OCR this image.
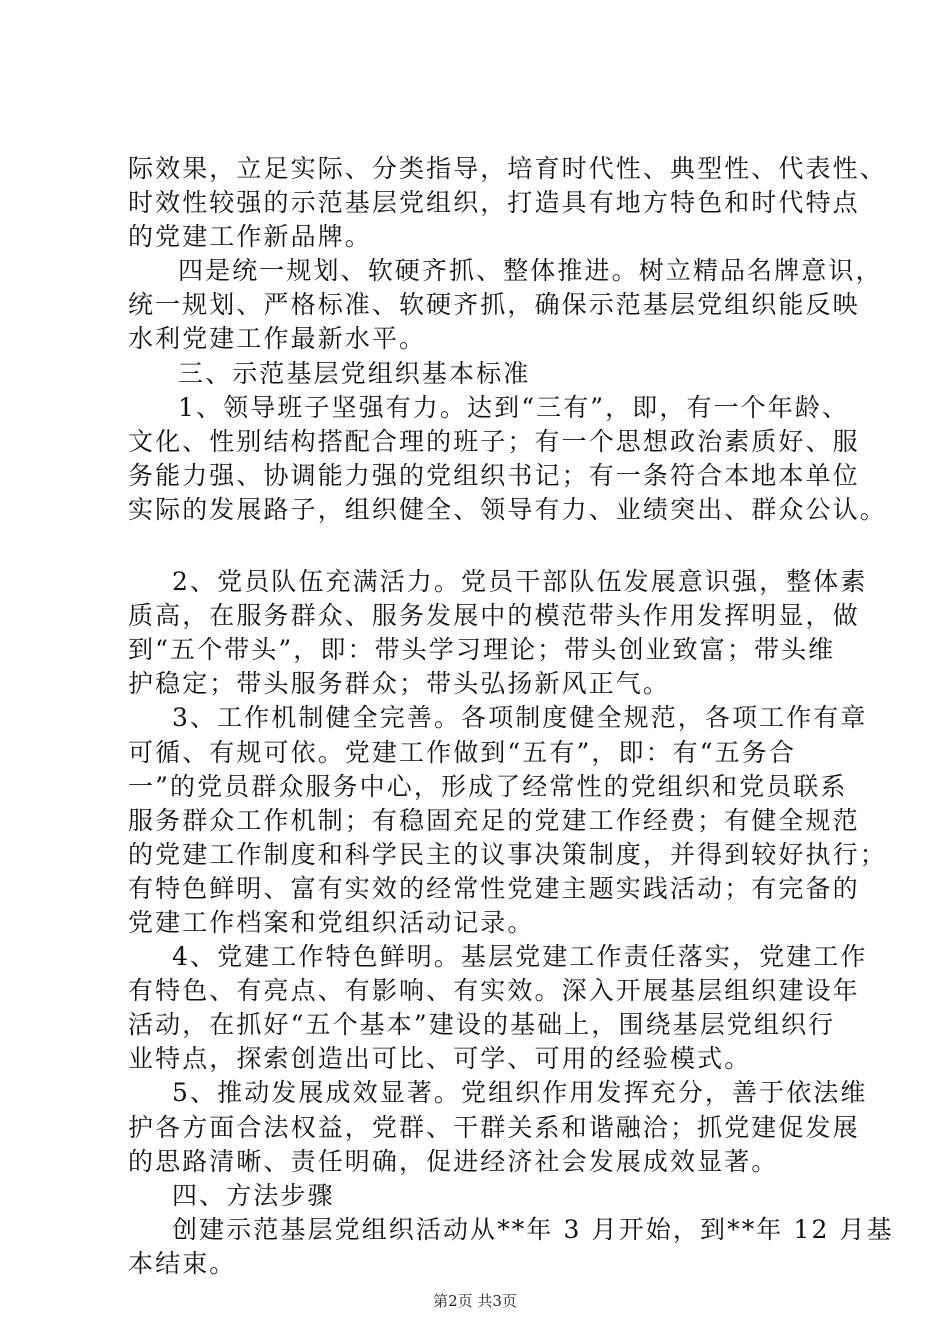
际效果，立足实际、分类指导，培育时代性、典型性、代表性、
时效性较强的示范基层党组织，打造具有地方特色和时代特点
的党建工作新品牌。
四是统一规划、软硬齐抓、整体推进。树立精品名牌意识，
统一规划、严格标准、软硬齐抓，确保示范基层党组织能反映
水利党建工作最新水平。
三、示范基层党组织基本标准
1、领导班子坚强有力。达到“三有”，即，有一个年龄、
文化、性别结构搭配合理的班子；有一个思想政治素质好、服
务能力强、协调能力强的党组织书记；有一条符合本地本单位
实际的发展路子，组织健全、领导有力、业绩突出、群众公认。
2、党员队伍充满活力。党员干部队伍发展意识强，整体素
质高，在服务群众、服务发展中的模范带头作用发挥明显，做
到“五个带头”，即：带头学习理论；带头创业致富；带头维
护稳定；带头服务群众；带头弘扬新风正气。
3、工作机制健全完善。各项制度健全规范，各项工作有章
可循、有规可依。党建工作做到“五有”，即：有“五务合
一”的党员群众服务中心，形成了经常性的党组织和党员联系
服务群众工作机制；有稳固充足的党建工作经费；有健全规范
的党建工作制度和科学民主的议事决策制度，并得到较好执行；
有特色鲜明、富有实效的经常性党建主题实践活动；有完备的
党建工作档案和党组织活动记录。
4、党建工作特色鲜明。基层党建工作责任落实，党建工作
有特色、有亮点、有影响、有实效。深入开展基层组织建设年
活动，在抓好“五个基本”建设的基础上，围绕基层党组织行
业特点，探索创造出可比、可学、可用的经验模式。
5、推动发展成效显著。党组织作用发挥充分，善于依法维
护各方面合法权益，党群、干群关系和谐融洽；抓党建促发展
的思路清晰、责任明确，促进经济社会发展成效显著。
四、方法步骤
创建示范基层党组织活动从**年 3 月开始，到**年 12 月基
本结束。
第2页 共3页
